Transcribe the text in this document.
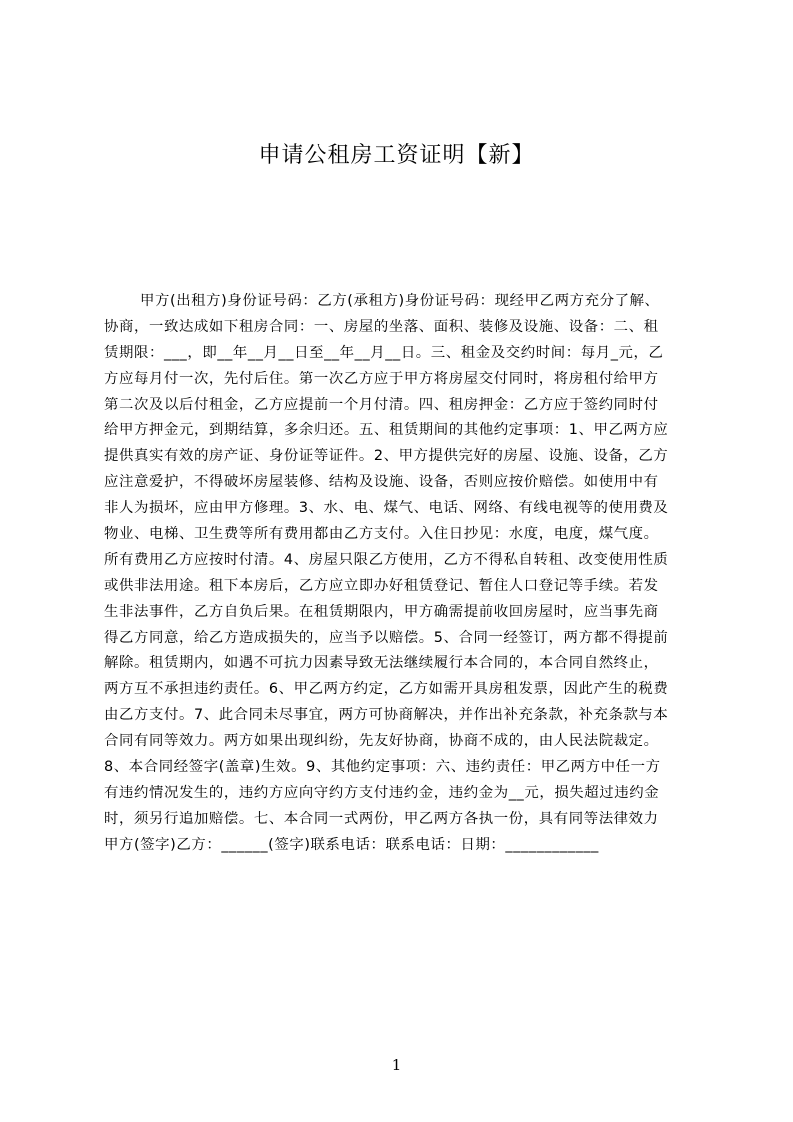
申请公租房工资证明【新】
甲方(出租方)身份证号码：乙方(承租方)身份证号码：现经甲乙两方充分了解、
协商，一致达成如下租房合同：一、房屋的坐落、面积、装修及设施、设备：二、租
赁期限：___，即__年__月__日至__年__月__日。三、租金及交约时间：每月_元，乙
方应每月付一次，先付后住。第一次乙方应于甲方将房屋交付同时，将房租付给甲方
第二次及以后付租金，乙方应提前一个月付清。四、租房押金：乙方应于签约同时付
给甲方押金元，到期结算，多余归还。五、租赁期间的其他约定事项：1、甲乙两方应
提供真实有效的房产证、身份证等证件。2、甲方提供完好的房屋、设施、设备，乙方
应注意爱护，不得破坏房屋装修、结构及设施、设备，否则应按价赔偿。如使用中有
非人为损坏，应由甲方修理。3、水、电、煤气、电话、网络、有线电视等的使用费及
物业、电梯、卫生费等所有费用都由乙方支付。入住日抄见：水度，电度，煤气度。
所有费用乙方应按时付清。4、房屋只限乙方使用，乙方不得私自转租、改变使用性质
或供非法用途。租下本房后，乙方应立即办好租赁登记、暂住人口登记等手续。若发
生非法事件，乙方自负后果。在租赁期限内，甲方确需提前收回房屋时，应当事先商
得乙方同意，给乙方造成损失的，应当予以赔偿。5、合同一经签订，两方都不得提前
解除。租赁期内，如遇不可抗力因素导致无法继续履行本合同的，本合同自然终止，
两方互不承担违约责任。6、甲乙两方约定，乙方如需开具房租发票，因此产生的税费
由乙方支付。7、此合同未尽事宜，两方可协商解决，并作出补充条款，补充条款与本
合同有同等效力。两方如果出现纠纷，先友好协商，协商不成的，由人民法院裁定。
8、本合同经签字(盖章)生效。9、其他约定事项：六、违约责任：甲乙两方中任一方
有违约情况发生的，违约方应向守约方支付违约金，违约金为__元，损失超过违约金
时，须另行追加赔偿。七、本合同一式两份，甲乙两方各执一份，具有同等法律效力
甲方(签字)乙方：______(签字)联系电话：联系电话：日期：____________
1
